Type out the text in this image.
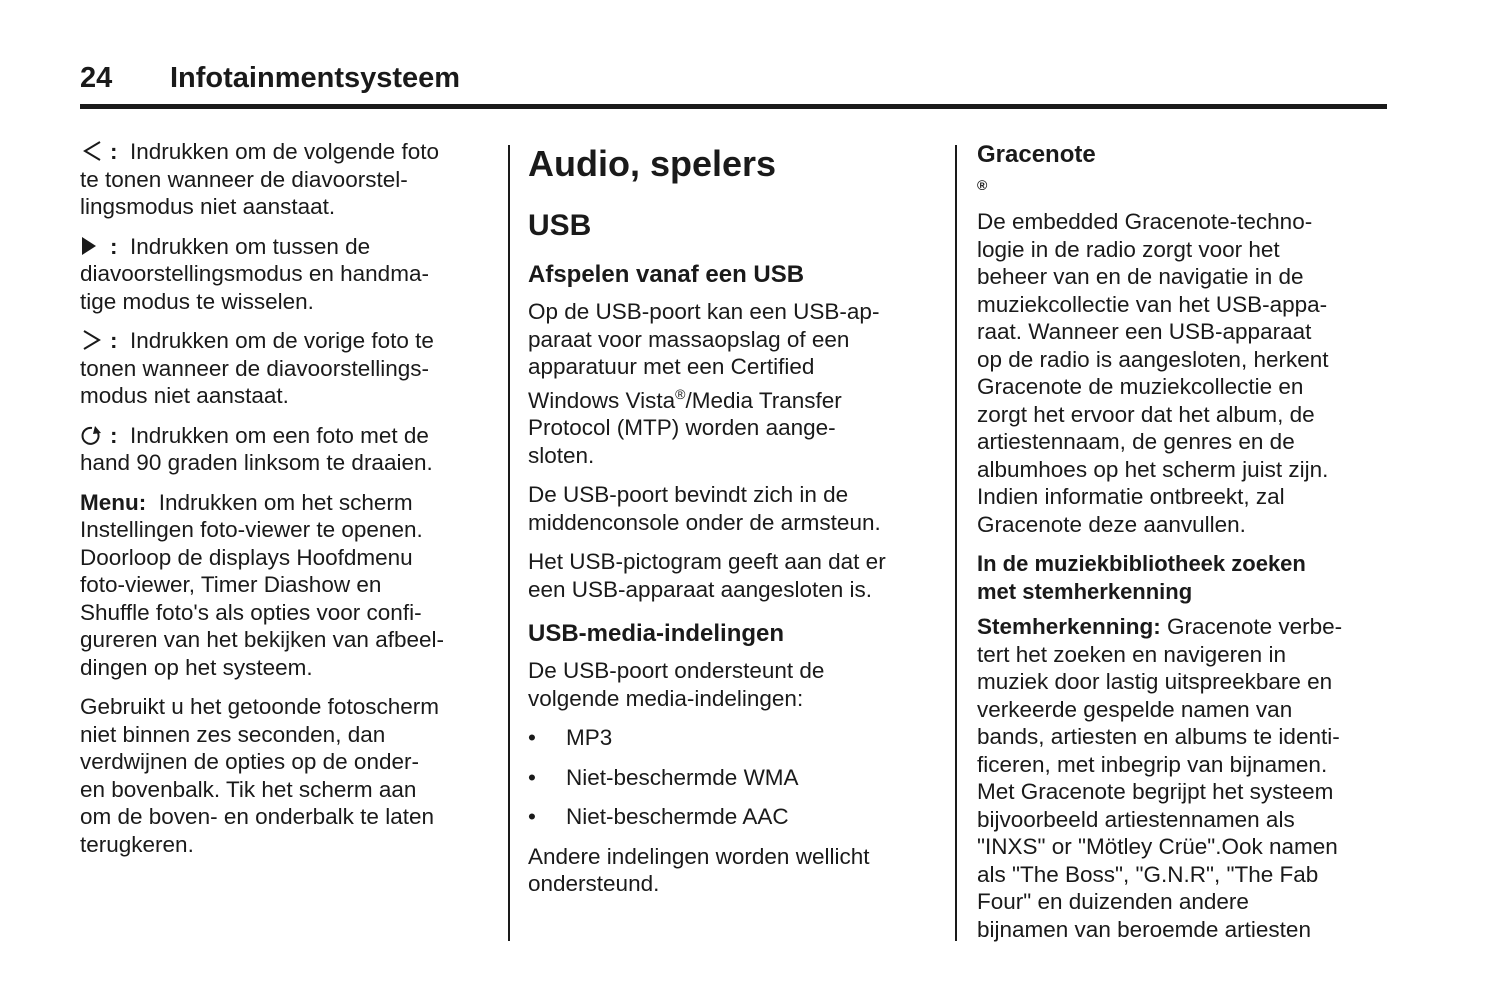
24 Infotainmentsysteem
: Indrukken om de volgende foto
te tonen wanneer de diavoorstel-
lingsmodus niet aanstaat.
: Indrukken om tussen de
diavoorstellingsmodus en handma-
tige modus te wisselen.
: Indrukken om de vorige foto te
tonen wanneer de diavoorstellings-
modus niet aanstaat.
: Indrukken om een foto met de
hand 90 graden linksom te draaien.
Menu: Indrukken om het scherm
Instellingen foto-viewer te openen.
Doorloop de displays Hoofdmenu
foto-viewer, Timer Diashow en
Shuffle foto's als opties voor confi-
gureren van het bekijken van afbeel-
dingen op het systeem.
Gebruikt u het getoonde fotoscherm
niet binnen zes seconden, dan
verdwijnen de opties op de onder-
en bovenbalk. Tik het scherm aan
om de boven- en onderbalk te laten
terugkeren.
Audio, spelers
USB
Afspelen vanaf een USB
Op de USB-poort kan een USB-ap-
paraat voor massaopslag of een
apparatuur met een Certified
Windows Vista®/Media Transfer
Protocol (MTP) worden aange-
sloten.
De USB-poort bevindt zich in de
middenconsole onder de armsteun.
Het USB-pictogram geeft aan dat er
een USB-apparaat aangesloten is.
USB-media-indelingen
De USB-poort ondersteunt de
volgende media-indelingen:
• MP3
• Niet-beschermde WMA
• Niet-beschermde AAC
Andere indelingen worden wellicht
ondersteund.
Gracenote
®
De embedded Gracenote-techno-
logie in de radio zorgt voor het
beheer van en de navigatie in de
muziekcollectie van het USB-appa-
raat. Wanneer een USB-apparaat
op de radio is aangesloten, herkent
Gracenote de muziekcollectie en
zorgt het ervoor dat het album, de
artiestennaam, de genres en de
albumhoes op het scherm juist zijn.
Indien informatie ontbreekt, zal
Gracenote deze aanvullen.
In de muziekbibliotheek zoeken
met stemherkenning
Stemherkenning: Gracenote verbe-
tert het zoeken en navigeren in
muziek door lastig uitspreekbare en
verkeerde gespelde namen van
bands, artiesten en albums te identi-
ficeren, met inbegrip van bijnamen.
Met Gracenote begrijpt het systeem
bijvoorbeeld artiestennamen als
"INXS" or "Mötley Crüe".Ook namen
als "The Boss", "G.N.R", "The Fab
Four" en duizenden andere
bijnamen van beroemde artiesten
